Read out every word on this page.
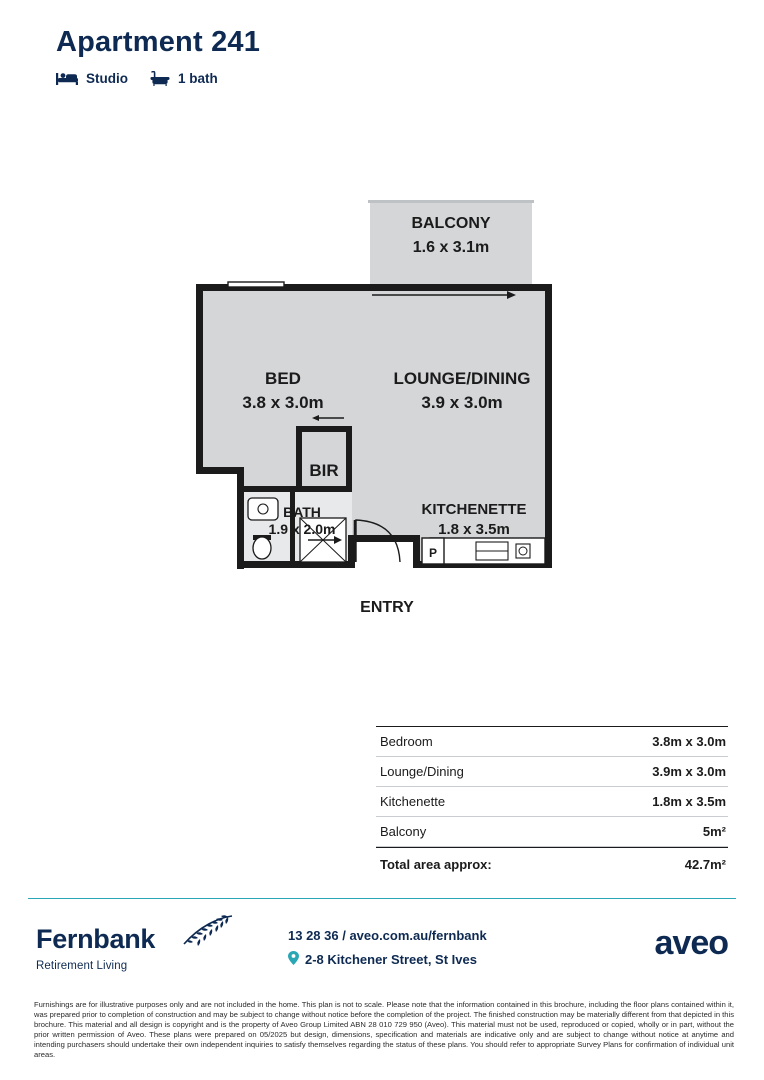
Apartment 241
Studio	1 bath
BALCONY
1.6 x 3.1m
BED
3.8 x 3.0m
LOUNGE/DINING
3.9 x 3.0m
BIR
BATH
1.9 x 2.0m
KITCHENETTE
1.8 x 3.5m
P
ENTRY
Bedroom	3.8m x 3.0m
Lounge/Dining	3.9m x 3.0m
Kitchenette	1.8m x 3.5m
Balcony	5m²
Total area approx:	42.7m²
Fernbank
Retirement Living
13 28 36 / aveo.com.au/fernbank
2-8 Kitchener Street, St Ives	aveo
Furnishings are for illustrative purposes only and are not included in the home. This plan is not to scale. Please note that the information contained in this brochure, including the floor plans contained within it, was prepared prior to completion of construction and may be subject to change without notice before the completion of the project. The finished construction may be materially different from that depicted in this brochure. This material and all design is copyright and is the property of Aveo Group Limited ABN 28 010 729 950 (Aveo). This material must not be used, reproduced or copied, wholly or in part, without the prior written permission of Aveo. These plans were prepared on 05/2025 but design, dimensions, specification and materials are indicative only and are subject to change without notice at anytime and intending purchasers should undertake their own independent inquiries to satisfy themselves regarding the status of these plans. You should refer to appropriate Survey Plans for confirmation of individual unit areas.
